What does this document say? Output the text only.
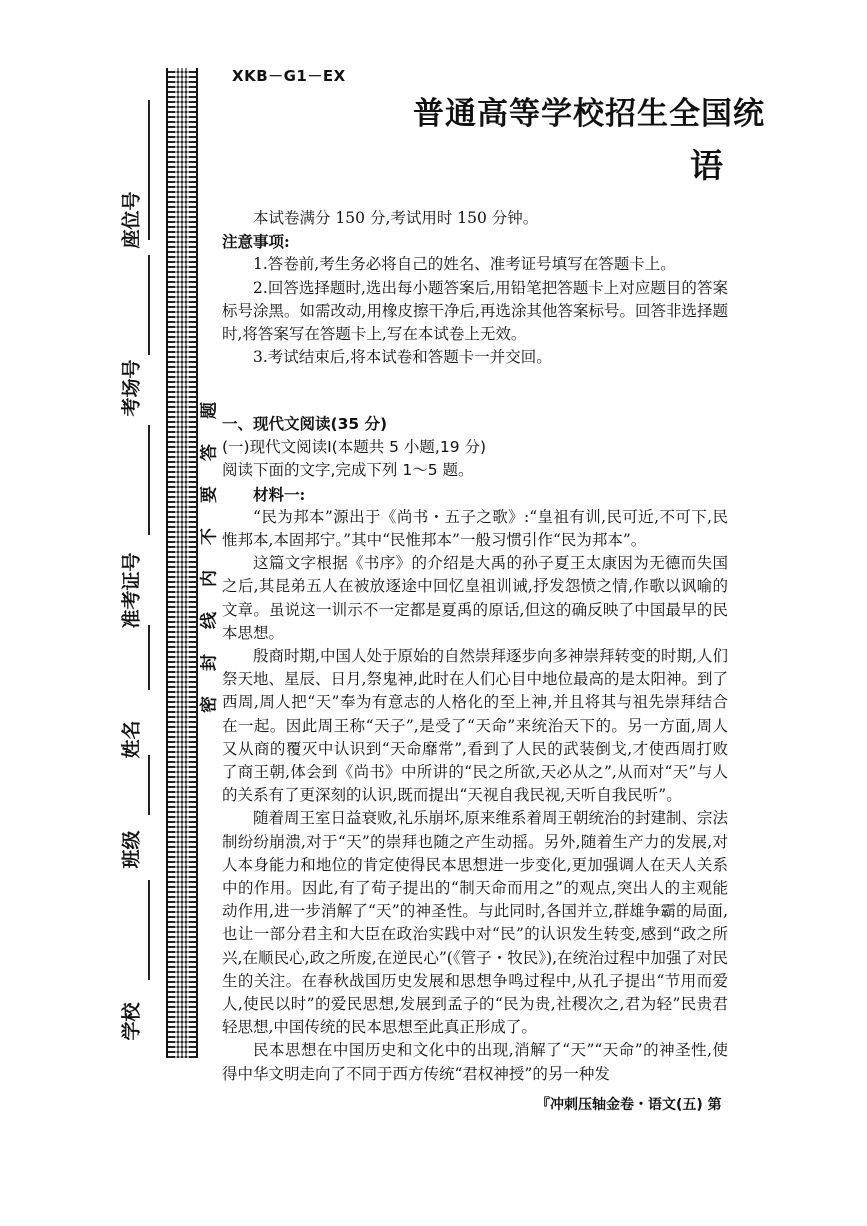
座位号
考场号
准考证号
姓名
班级
学校
题
答
要
不
内
线
封
密
XKB－G1－EX
普通高等学校招生全国统
语

本试卷满分 150 分,考试用时 150 分钟。

注意事项:

1.答卷前,考生务必将自己的姓名、准考证号填写在答题卡上。

2.回答选择题时,选出每小题答案后,用铅笔把答题卡上对应题目的答案标号涂黑。如需改动,用橡皮擦干净后,再选涂其他答案标号。回答非选择题时,将答案写在答题卡上,写在本试卷上无效。

3.考试结束后,将本试卷和答题卡一并交回。

一、现代文阅读(35 分)

(一)现代文阅读Ⅰ(本题共 5 小题,19 分)

阅读下面的文字,完成下列 1～5 题。

材料一:

“民为邦本”源出于《尚书・五子之歌》:“皇祖有训,民可近,不可下,民惟邦本,本固邦宁。”其中“民惟邦本”一般习惯引作“民为邦本”。

这篇文字根据《书序》的介绍是大禹的孙子夏王太康因为无德而失国之后,其昆弟五人在被放逐途中回忆皇祖训诫,抒发怨愤之情,作歌以讽喻的文章。虽说这一训示不一定都是夏禹的原话,但这的确反映了中国最早的民本思想。

殷商时期,中国人处于原始的自然崇拜逐步向多神崇拜转变的时期,人们祭天地、星辰、日月,祭鬼神,此时在人们心目中地位最高的是太阳神。到了西周,周人把“天”奉为有意志的人格化的至上神,并且将其与祖先崇拜结合在一起。因此周王称“天子”,是受了“天命”来统治天下的。另一方面,周人又从商的覆灭中认识到“天命靡常”,看到了人民的武装倒戈,才使西周打败了商王朝,体会到《尚书》中所讲的“民之所欲,天必从之”,从而对“天”与人的关系有了更深刻的认识,既而提出“天视自我民视,天听自我民听”。

随着周王室日益衰败,礼乐崩坏,原来维系着周王朝统治的封建制、宗法制纷纷崩溃,对于“天”的崇拜也随之产生动摇。另外,随着生产力的发展,对人本身能力和地位的肯定使得民本思想进一步变化,更加强调人在天人关系中的作用。因此,有了荀子提出的“制天命而用之”的观点,突出人的主观能动作用,进一步消解了“天”的神圣性。与此同时,各国并立,群雄争霸的局面,也让一部分君主和大臣在政治实践中对“民”的认识发生转变,感到“政之所兴,在顺民心,政之所废,在逆民心”(《管子・牧民》),在统治过程中加强了对民生的关注。在春秋战国历史发展和思想争鸣过程中,从孔子提出“节用而爱人,使民以时”的爱民思想,发展到孟子的“民为贵,社稷次之,君为轻”民贵君轻思想,中国传统的民本思想至此真正形成了。

民本思想在中国历史和文化中的出现,消解了“天”“天命”的神圣性,使得中华文明走向了不同于西方传统“君权神授”的另一种发

『冲刺压轴金卷・语文(五) 第
